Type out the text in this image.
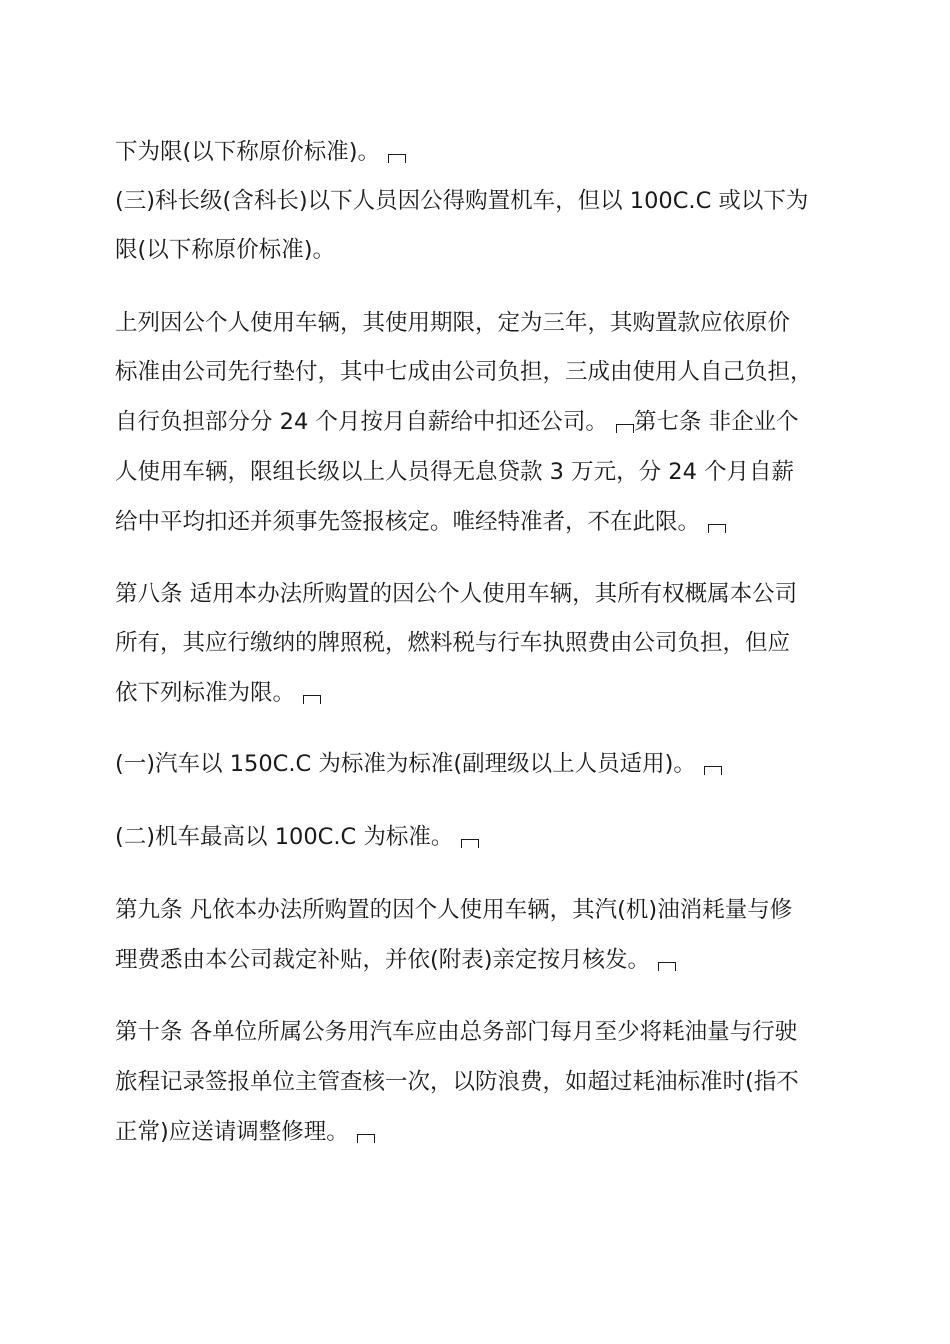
下为限(以下称原价标准)。
(三)科长级(含科长)以下人员因公得购置机车，但以 100C.C 或以下为
限(以下称原价标准)。
上列因公个人使用车辆，其使用期限，定为三年，其购置款应依原价
标准由公司先行垫付，其中七成由公司负担，三成由使用人自己负担，
自行负担部分分 24 个月按月自薪给中扣还公司。 第七条 非企业个
人使用车辆，限组长级以上人员得无息贷款 3 万元，分 24 个月自薪
给中平均扣还并须事先签报核定。唯经特准者，不在此限。
第八条 适用本办法所购置的因公个人使用车辆，其所有权概属本公司
所有，其应行缴纳的牌照税，燃料税与行车执照费由公司负担，但应
依下列标准为限。
(一)汽车以 150C.C 为标准为标准(副理级以上人员适用)。
(二)机车最高以 100C.C 为标准。
第九条 凡依本办法所购置的因个人使用车辆，其汽(机)油消耗量与修
理费悉由本公司裁定补贴，并依(附表)亲定按月核发。
第十条 各单位所属公务用汽车应由总务部门每月至少将耗油量与行驶
旅程记录签报单位主管查核一次，以防浪费，如超过耗油标准时(指不
正常)应送请调整修理。
